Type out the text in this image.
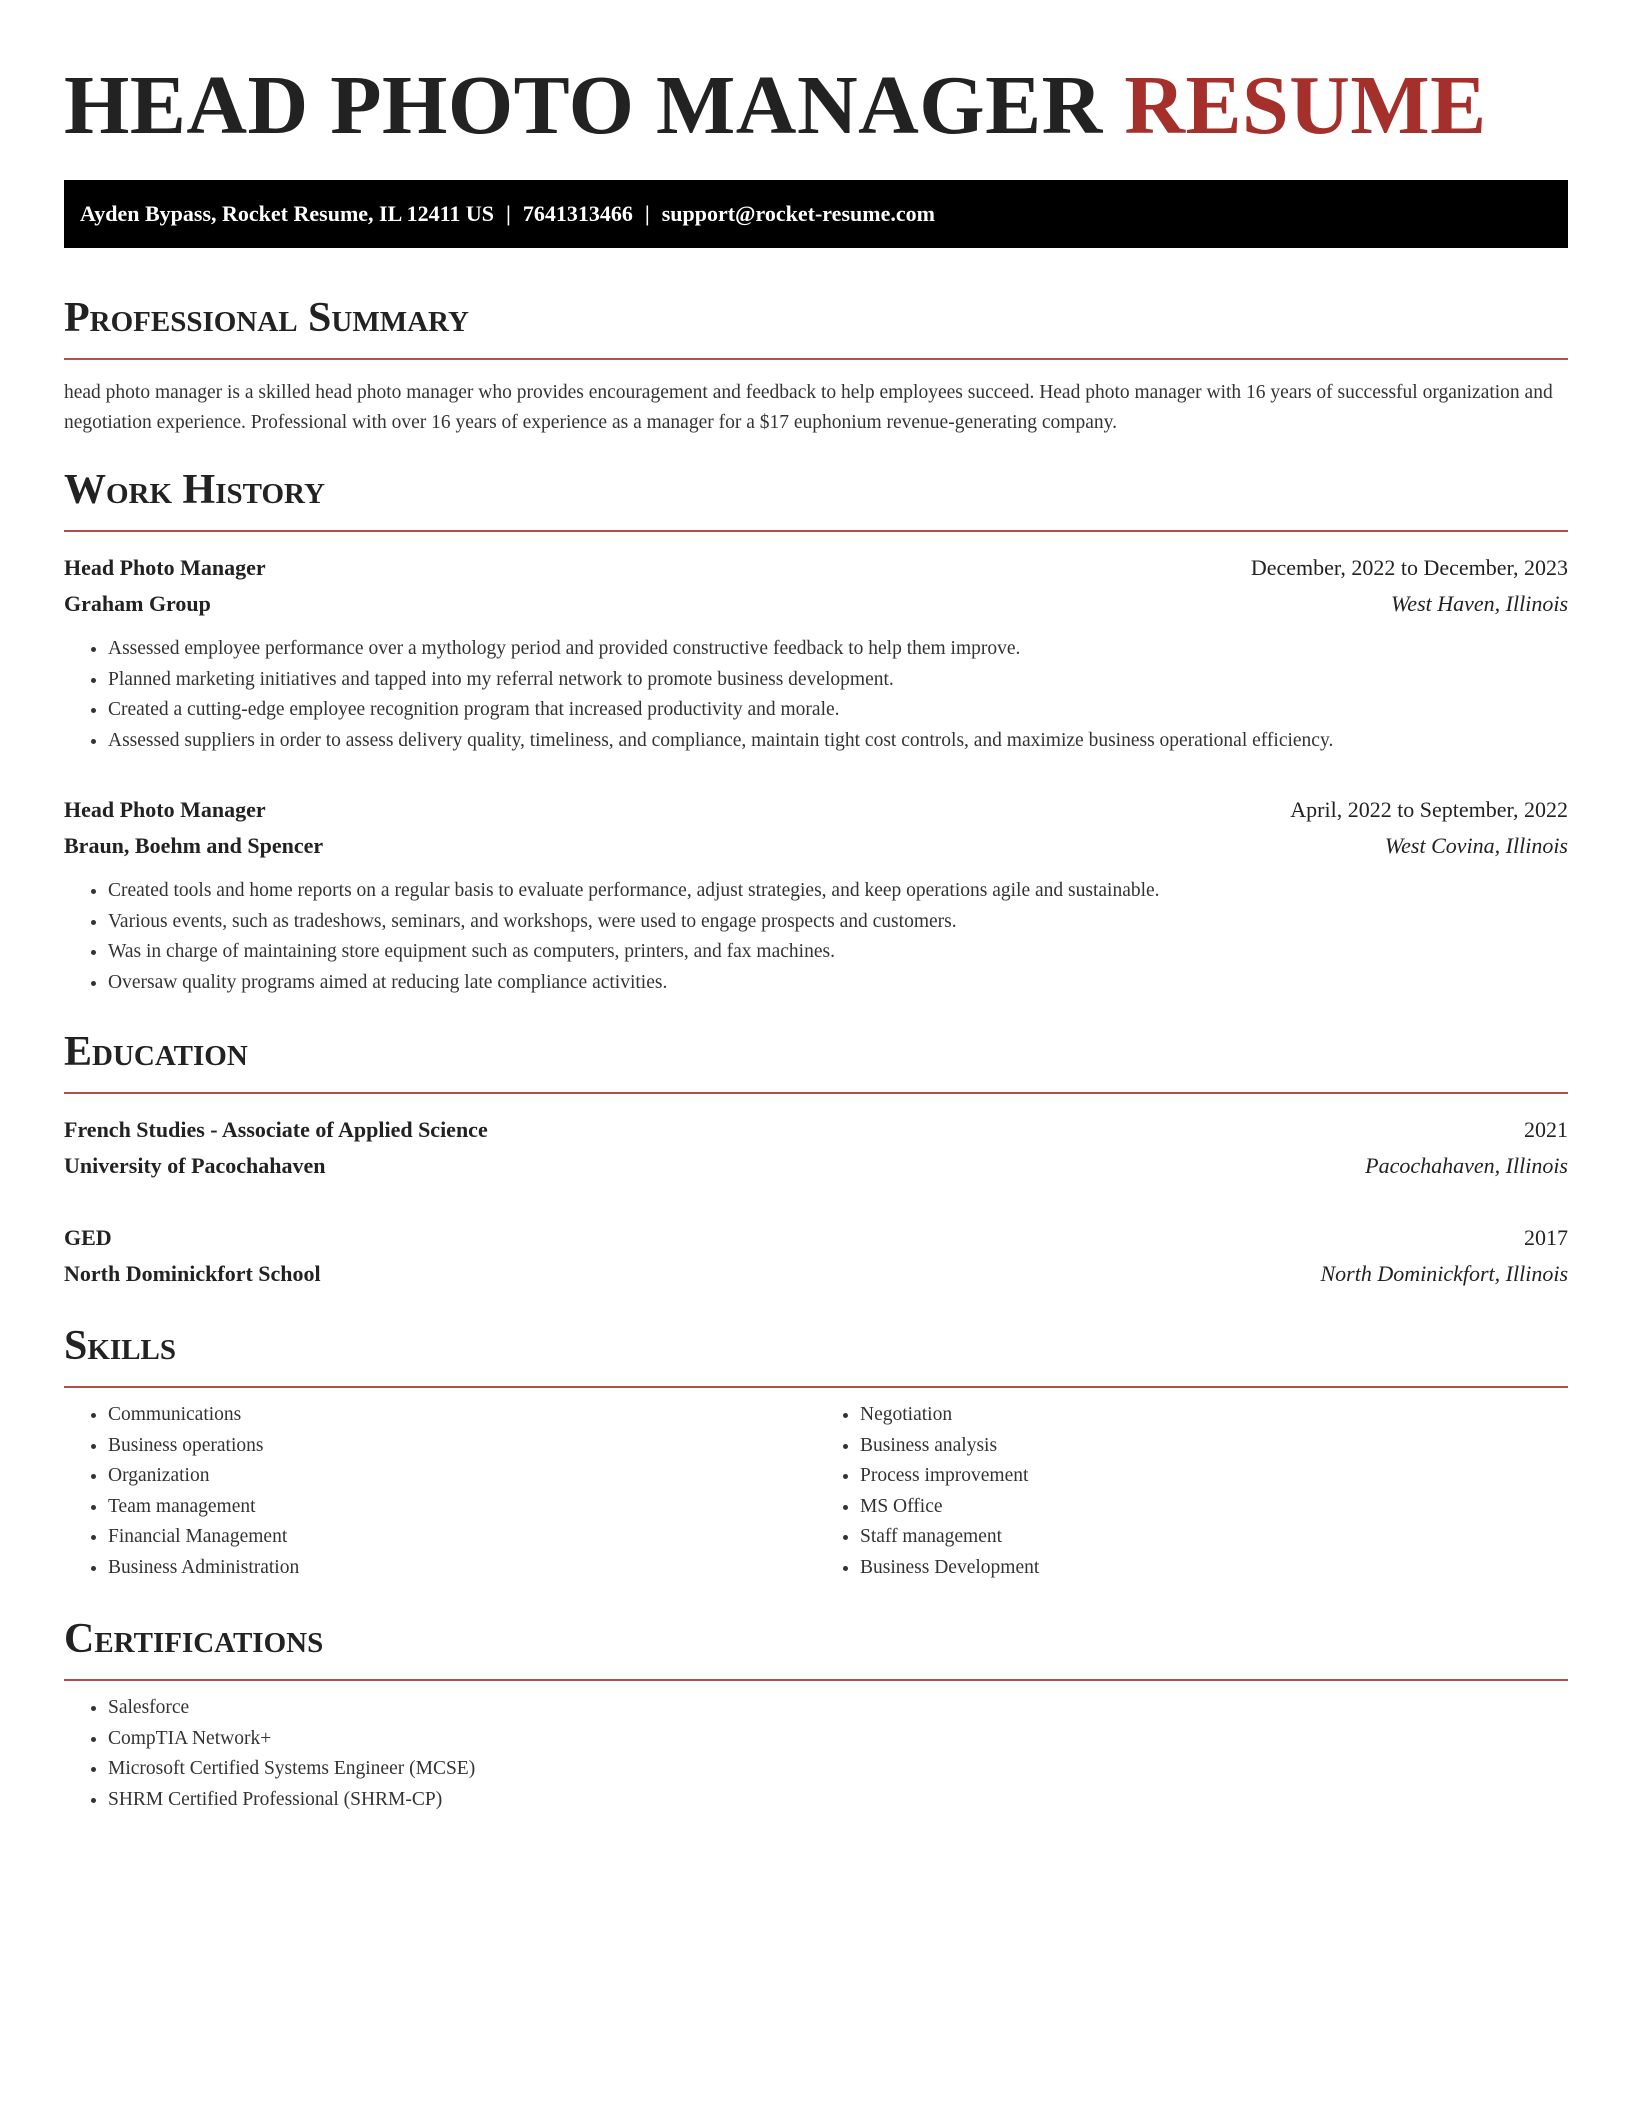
HEAD PHOTO MANAGER RESUME
Ayden Bypass, Rocket Resume, IL 12411 US | 7641313466 | support@rocket-resume.com
Professional Summary

head photo manager is a skilled head photo manager who provides encouragement and feedback to help employees succeed. Head photo manager with 16 years of successful organization and negotiation experience. Professional with over 16 years of experience as a manager for a $17 euphonium revenue-generating company.

Work History
Head Photo Manager	December, 2022 to December, 2023
Graham Group	West Haven, Illinois
• Assessed employee performance over a mythology period and provided constructive feedback to help them improve.
• Planned marketing initiatives and tapped into my referral network to promote business development.
• Created a cutting-edge employee recognition program that increased productivity and morale.
• Assessed suppliers in order to assess delivery quality, timeliness, and compliance, maintain tight cost controls, and maximize business operational efficiency.
Head Photo Manager	April, 2022 to September, 2022
Braun, Boehm and Spencer	West Covina, Illinois
• Created tools and home reports on a regular basis to evaluate performance, adjust strategies, and keep operations agile and sustainable.
• Various events, such as tradeshows, seminars, and workshops, were used to engage prospects and customers.
• Was in charge of maintaining store equipment such as computers, printers, and fax machines.
• Oversaw quality programs aimed at reducing late compliance activities.
Education
French Studies - Associate of Applied Science	2021
University of Pacochahaven	Pacochahaven, Illinois
GED	2017
North Dominickfort School	North Dominickfort, Illinois
Skills
• Communications
• Business operations
• Organization
• Team management
• Financial Management
• Business Administration
• Negotiation
• Business analysis
• Process improvement
• MS Office
• Staff management
• Business Development
Certifications
• Salesforce
• CompTIA Network+
• Microsoft Certified Systems Engineer (MCSE)
• SHRM Certified Professional (SHRM-CP)
